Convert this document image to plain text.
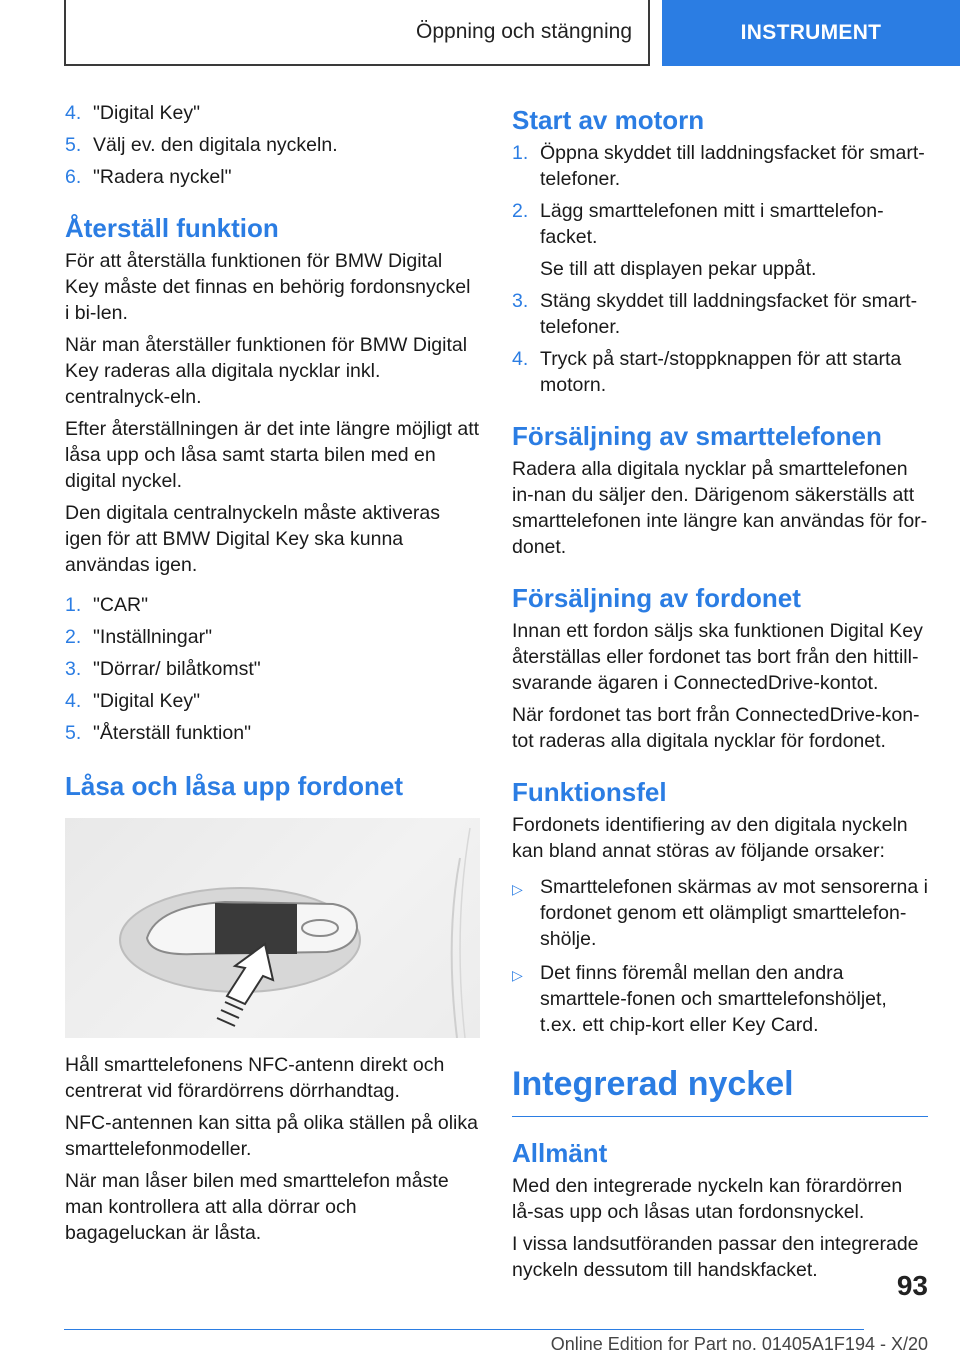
Öppning och stängning	INSTRUMENT
4. "Digital Key"
5. Välj ev. den digitala nyckeln.
6. "Radera nyckel"
Återställ funktion

För att återställa funktionen för BMW Digital Key måste det finnas en behörig fordonsnyckel i bi-len.

När man återställer funktionen för BMW Digital Key raderas alla digitala nycklar inkl. centralnyck-eln.

Efter återställningen är det inte längre möjligt att låsa upp och låsa samt starta bilen med en digital nyckel.

Den digitala centralnyckeln måste aktiveras igen för att BMW Digital Key ska kunna användas igen.

1. "CAR"
2. "Inställningar"
3. "Dörrar/ bilåtkomst"
4. "Digital Key"
5. "Återställ funktion"
Låsa och låsa upp fordonet

Håll smarttelefonens NFC-antenn direkt och centrerat vid förardörrens dörrhandtag.

NFC-antennen kan sitta på olika ställen på olika smarttelefonmodeller.

När man låser bilen med smarttelefon måste man kontrollera att alla dörrar och bagageluckan är låsta.

Start av motorn
1. Öppna skyddet till laddningsfacket för smart-telefoner.
2. Lägg smarttelefonen mitt i smarttelefon-facket.

Se till att displayen pekar uppåt.

3. Stäng skyddet till laddningsfacket för smart-telefoner.
4. Tryck på start-/stoppknappen för att starta motorn.
Försäljning av smarttelefonen

Radera alla digitala nycklar på smarttelefonen in-nan du säljer den. Därigenom säkerställs att smarttelefonen inte längre kan användas för for-donet.

Försäljning av fordonet

Innan ett fordon säljs ska funktionen Digital Key återställas eller fordonet tas bort från den hittill-svarande ägaren i ConnectedDrive-kontot.

När fordonet tas bort från ConnectedDrive-kon-tot raderas alla digitala nycklar för fordonet.

Funktionsfel

Fordonets identifiering av den digitala nyckeln kan bland annat störas av följande orsaker:

▷ Smarttelefonen skärmas av mot sensorerna i fordonet genom ett olämpligt smarttelefon-shölje.
▷ Det finns föremål mellan den andra smarttele-fonen och smarttelefonshöljet, t.ex. ett chip-kort eller Key Card.
Integrerad nyckel
Allmänt

Med den integrerade nyckeln kan förardörren lå-sas upp och låsas utan fordonsnyckel.

I vissa landsutföranden passar den integrerade nyckeln dessutom till handskfacket.	93
Online Edition for Part no. 01405A1F194 - X/20
